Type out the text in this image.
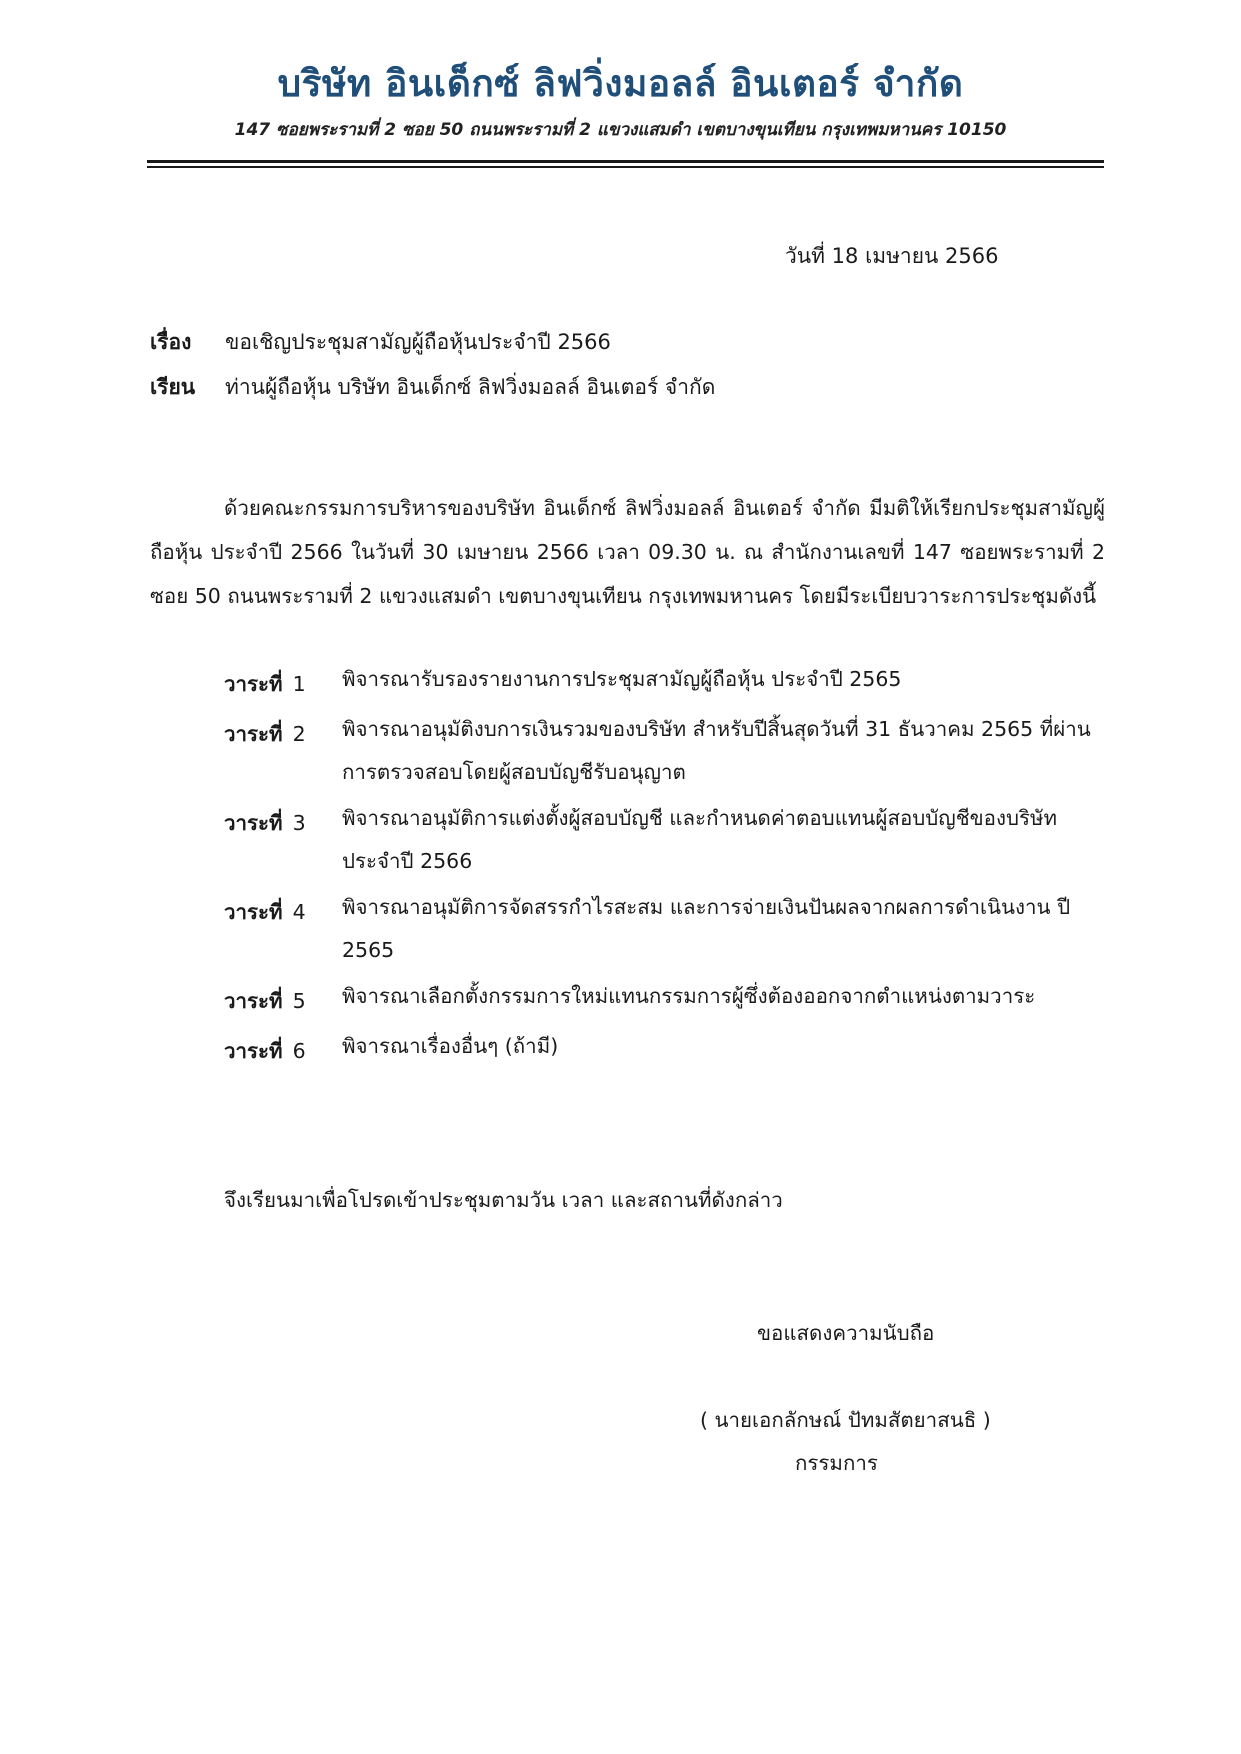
บริษัท อินเด็กซ์ ลิฟวิ่งมอลล์ อินเตอร์ จำกัด
147 ซอยพระรามที่ 2 ซอย 50 ถนนพระรามที่ 2 แขวงแสมดำ เขตบางขุนเทียน กรุงเทพมหานคร 10150
วันที่ 18 เมษายน 2566
เรื่อง ขอเชิญประชุมสามัญผู้ถือหุ้นประจำปี 2566
เรียน ท่านผู้ถือหุ้น บริษัท อินเด็กซ์ ลิฟวิ่งมอลล์ อินเตอร์ จำกัด
ด้วยคณะกรรมการบริหารของบริษัท อินเด็กซ์ ลิฟวิ่งมอลล์ อินเตอร์ จำกัด มีมติให้เรียกประชุมสามัญผู้ถือหุ้น ประจำปี 2566 ในวันที่ 30 เมษายน 2566 เวลา 09.30 น. ณ สำนักงานเลขที่ 147 ซอยพระรามที่ 2 ซอย 50 ถนนพระรามที่ 2 แขวงแสมดำ เขตบางขุนเทียน กรุงเทพมหานคร โดยมีระเบียบวาระการประชุมดังนี้
วาระที่ 1	พิจารณารับรองรายงานการประชุมสามัญผู้ถือหุ้น ประจำปี 2565
วาระที่ 2	พิจารณาอนุมัติงบการเงินรวมของบริษัท สำหรับปีสิ้นสุดวันที่ 31 ธันวาคม 2565 ที่ผ่านการตรวจสอบโดยผู้สอบบัญชีรับอนุญาต
วาระที่ 3	พิจารณาอนุมัติการแต่งตั้งผู้สอบบัญชี และกำหนดค่าตอบแทนผู้สอบบัญชีของบริษัท ประจำปี 2566
วาระที่ 4	พิจารณาอนุมัติการจัดสรรกำไรสะสม และการจ่ายเงินปันผลจากผลการดำเนินงาน ปี 2565
วาระที่ 5	พิจารณาเลือกตั้งกรรมการใหม่แทนกรรมการผู้ซึ่งต้องออกจากตำแหน่งตามวาระ
วาระที่ 6	พิจารณาเรื่องอื่นๆ (ถ้ามี)
จึงเรียนมาเพื่อโปรดเข้าประชุมตามวัน เวลา และสถานที่ดังกล่าว
ขอแสดงความนับถือ
( นายเอกลักษณ์ ปัทมสัตยาสนธิ )
กรรมการ
